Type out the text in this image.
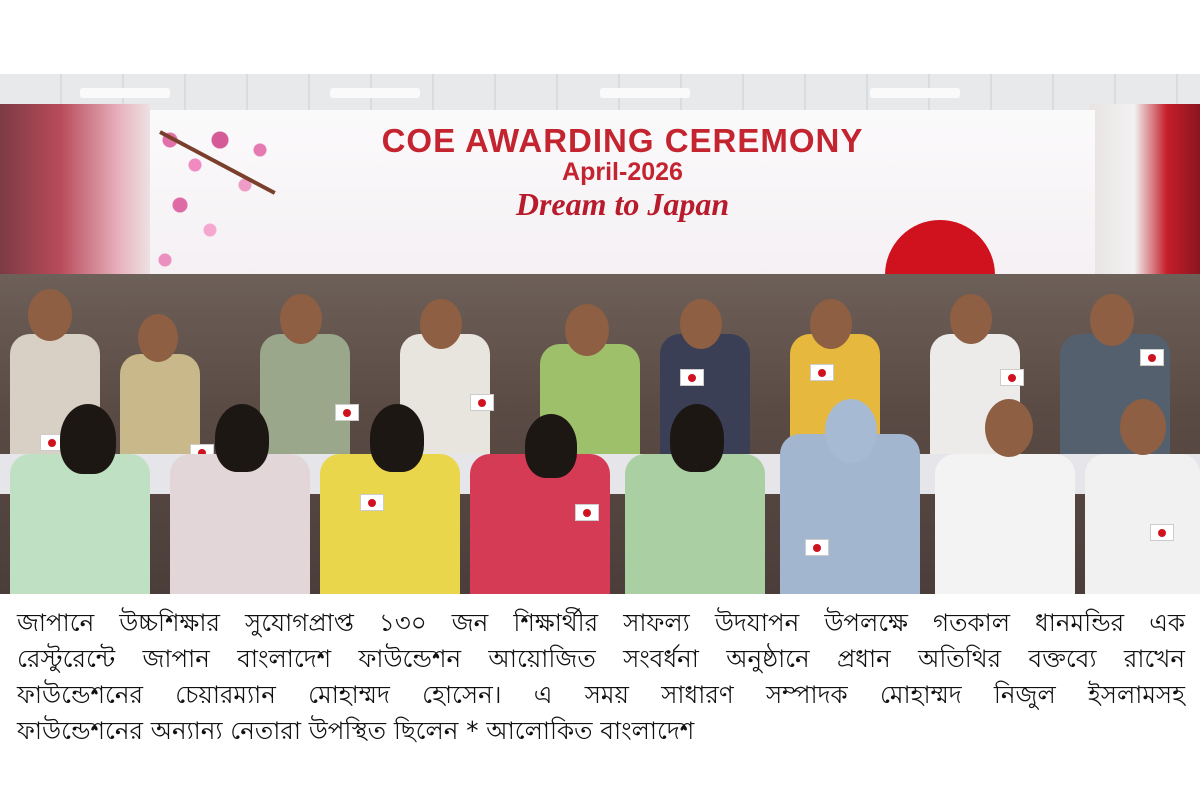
COE AWARDING CEREMONY
April-2026
Dream to Japan
জাপানে উচ্চশিক্ষার সুযোগপ্রাপ্ত ১৩০ জন শিক্ষার্থীর সাফল্য উদযাপন উপলক্ষে গতকাল ধানমন্ডির এক
রেস্টুরেন্টে জাপান বাংলাদেশ ফাউন্ডেশন আয়োজিত সংবর্ধনা অনুষ্ঠানে প্রধান অতিথির বক্তব্যে রাখেন
ফাউন্ডেশনের চেয়ারম্যান মোহাম্মদ হোসেন। এ সময় সাধারণ সম্পাদক মোহাম্মদ নিজুল ইসলামসহ
ফাউন্ডেশনের অন্যান্য নেতারা উপস্থিত ছিলেন * আলোকিত বাংলাদেশ
